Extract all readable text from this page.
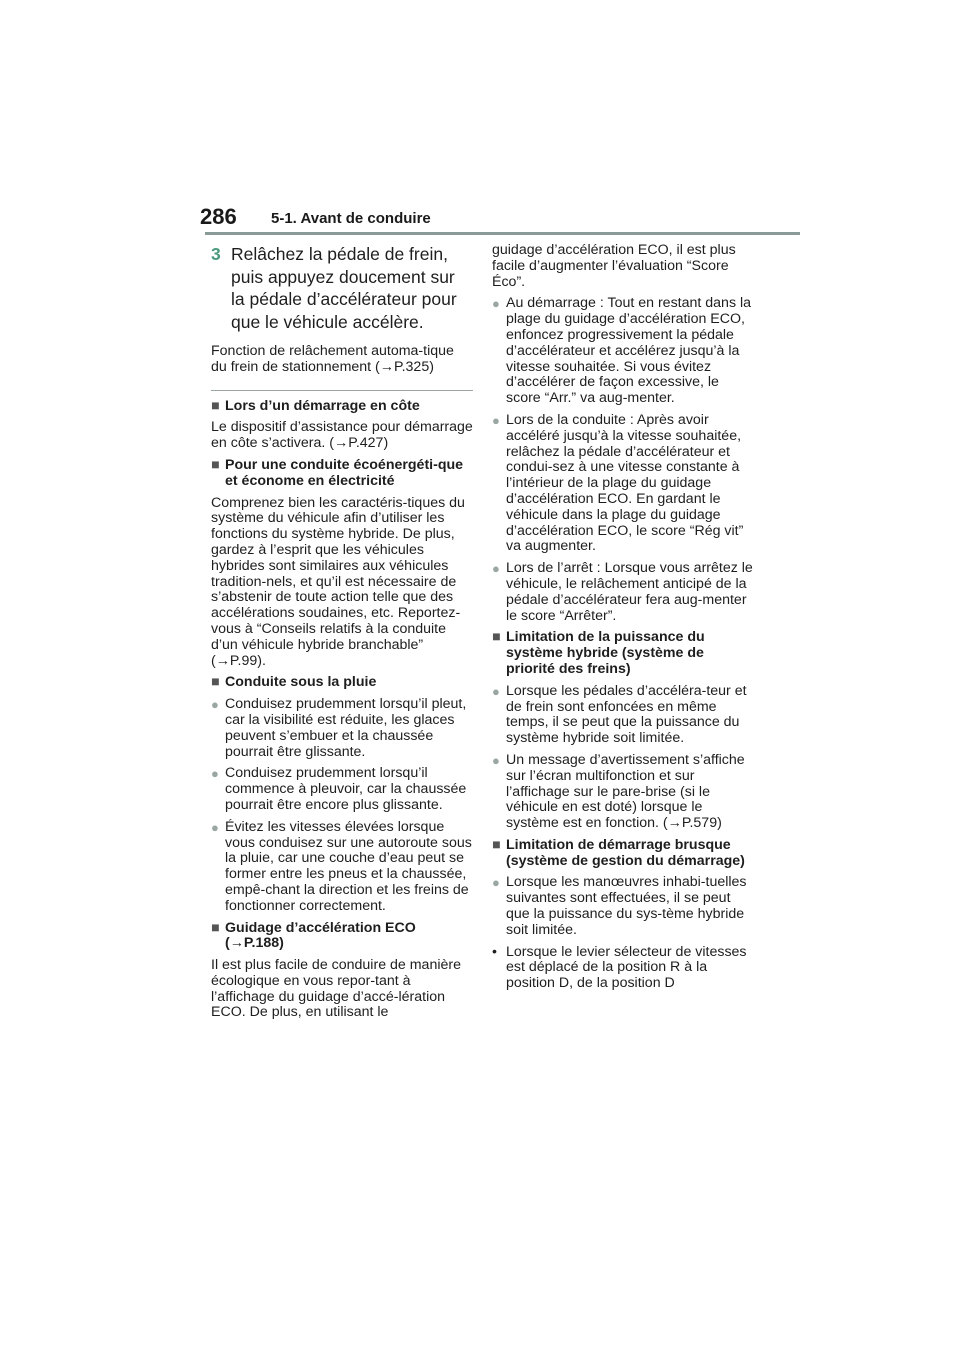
286 5-1. Avant de conduire
3 Relâchez la pédale de frein, puis appuyez doucement sur la pédale d’accélérateur pour que le véhicule accélère.

Fonction de relâchement automa-tique du frein de stationnement (→P.325)

■ Lors d’un démarrage en côte

Le dispositif d’assistance pour démarrage en côte s’activera. (→P.427)

■ Pour une conduite écoénergéti-que et économe en électricité

Comprenez bien les caractéris-tiques du système du véhicule afin d’utiliser les fonctions du système hybride. De plus, gardez à l’esprit que les véhicules hybrides sont similaires aux véhicules tradition-nels, et qu’il est nécessaire de s’abstenir de toute action telle que des accélérations soudaines, etc. Reportez-vous à “Conseils relatifs à la conduite d’un véhicule hybride branchable” (→P.99).

■ Conduite sous la pluie
● Conduisez prudemment lorsqu’il pleut, car la visibilité est réduite, les glaces peuvent s’embuer et la chaussée pourrait être glissante.
● Conduisez prudemment lorsqu’il commence à pleuvoir, car la chaussée pourrait être encore plus glissante.
● Évitez les vitesses élevées lorsque vous conduisez sur une autoroute sous la pluie, car une couche d’eau peut se former entre les pneus et la chaussée, empê-chant la direction et les freins de fonctionner correctement.
■ Guidage d’accélération ECO (→P.188)

Il est plus facile de conduire de manière écologique en vous repor-tant à l’affichage du guidage d’accé-lération ECO. De plus, en utilisant le

guidage d’accélération ECO, il est plus facile d’augmenter l’évaluation “Score Éco”.

● Au démarrage : Tout en restant dans la plage du guidage d’accélération ECO, enfoncez progressivement la pédale d’accélérateur et accélérez jusqu’à la vitesse souhaitée. Si vous évitez d’accélérer de façon excessive, le score “Arr.” va aug-menter.
● Lors de la conduite : Après avoir accéléré jusqu’à la vitesse souhaitée, relâchez la pédale d’accélérateur et condui-sez à une vitesse constante à l’intérieur de la plage du guidage d’accélération ECO. En gardant le véhicule dans la plage du guidage d’accélération ECO, le score “Rég vit” va augmenter.
● Lors de l’arrêt : Lorsque vous arrêtez le véhicule, le relâchement anticipé de la pédale d’accélérateur fera aug-menter le score “Arrêter”.
■ Limitation de la puissance du système hybride (système de priorité des freins)
● Lorsque les pédales d’accéléra-teur et de frein sont enfoncées en même temps, il se peut que la puissance du système hybride soit limitée.
● Un message d’avertissement s’affiche sur l’écran multifonction et sur l’affichage sur le pare-brise (si le véhicule en est doté) lorsque le système est en fonction. (→P.579)
■ Limitation de démarrage brusque (système de gestion du démarrage)
● Lorsque les manœuvres inhabi-tuelles suivantes sont effectuées, il se peut que la puissance du sys-tème hybride soit limitée.
• Lorsque le levier sélecteur de vitesses est déplacé de la position R à la position D, de la position D
